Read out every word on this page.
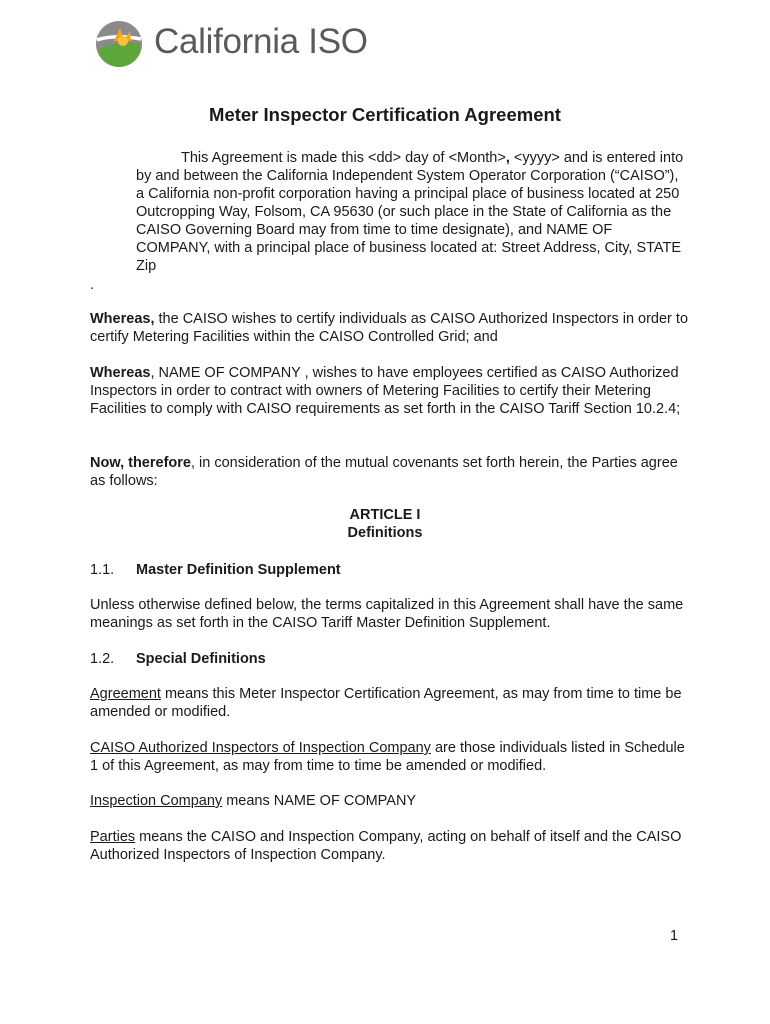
California ISO
Meter Inspector Certification Agreement
This Agreement is made this <dd> day of <Month>, <yyyy> and is entered into by and between the California Independent System Operator Corporation (“CAISO”), a California non-profit corporation having a principal place of business located at 250 Outcropping Way, Folsom, CA 95630 (or such place in the State of California as the CAISO Governing Board may from time to time designate), and NAME OF COMPANY, with a principal place of business located at: Street Address, City, STATE Zip
.
Whereas, the CAISO wishes to certify individuals as CAISO Authorized Inspectors in order to certify Metering Facilities within the CAISO Controlled Grid; and
Whereas, NAME OF COMPANY , wishes to have employees certified as CAISO Authorized Inspectors in order to contract with owners of Metering Facilities to certify their Metering Facilities to comply with CAISO requirements as set forth in the CAISO Tariff Section 10.2.4;
Now, therefore, in consideration of the mutual covenants set forth herein, the Parties agree as follows:
ARTICLE I
Definitions
1.1. Master Definition Supplement
Unless otherwise defined below, the terms capitalized in this Agreement shall have the same meanings as set forth in the CAISO Tariff Master Definition Supplement.
1.2. Special Definitions
Agreement means this Meter Inspector Certification Agreement, as may from time to time be amended or modified.
CAISO Authorized Inspectors of Inspection Company are those individuals listed in Schedule 1 of this Agreement, as may from time to time be amended or modified.
Inspection Company means NAME OF COMPANY
Parties means the CAISO and Inspection Company, acting on behalf of itself and the CAISO Authorized Inspectors of Inspection Company.
1
